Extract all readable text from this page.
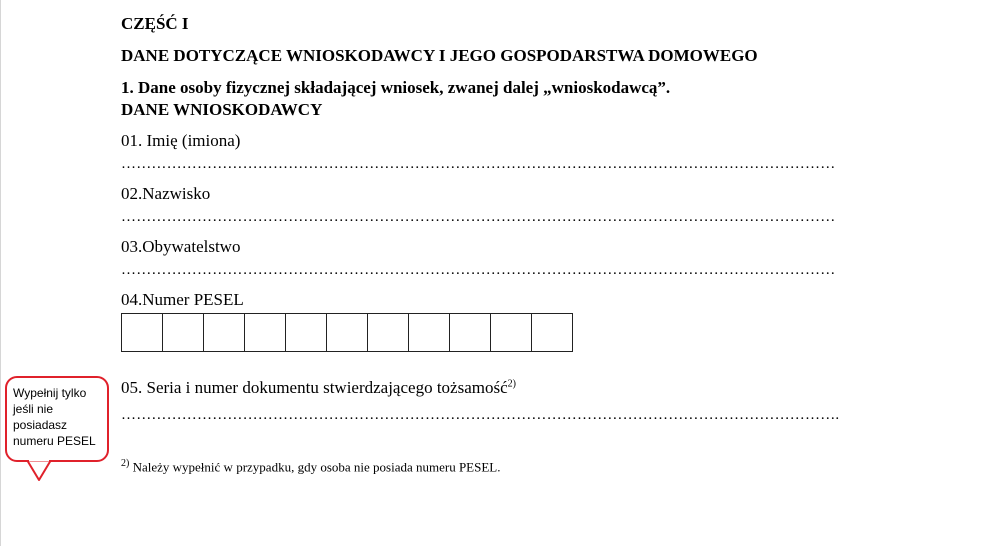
CZĘŚĆ I
DANE DOTYCZĄCE WNIOSKODAWCY I JEGO GOSPODARSTWA DOMOWEGO
1. Dane osoby fizycznej składającej wniosek, zwanej dalej „wnioskodawcą”.
DANE WNIOSKODAWCY
01. Imię (imiona)
……………………………………………………………………………………………………………………………
02.Nazwisko
……………………………………………………………………………………………………………………………
03.Obywatelstwo
……………………………………………………………………………………………………………………………
04.Numer PESEL
05. Seria i numer dokumentu stwierdzającego tożsamość$^{2)}$
…………………………………………………………………………………………………………………………….
$^{2)}$ Należy wypełnić w przypadku, gdy osoba nie posiada numeru PESEL.
Wypełnij tylko jeśli nie posiadasz numeru PESEL
